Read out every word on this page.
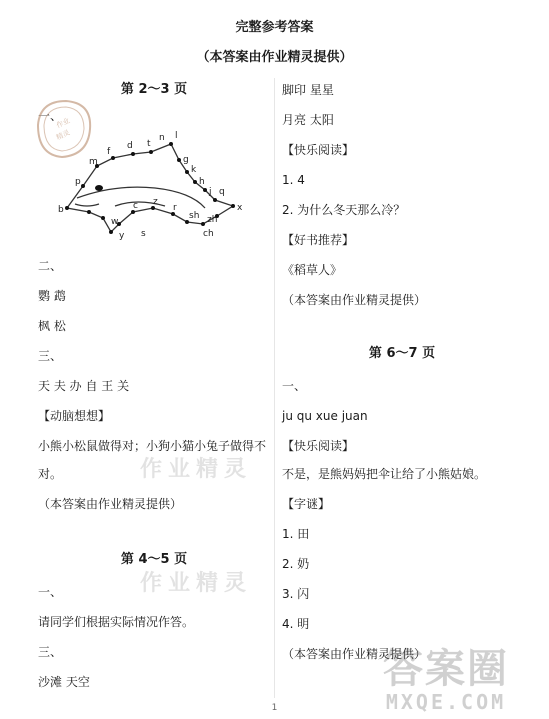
完整参考答案
（本答案由作业精灵提供）
第 2～3 页
一、
作业
精灵
b
p
m
f
d t
n l
g
k
h
j
x
q
zh
ch
sh
r
z
c
s
y
w
二、
鹦 鹉
枫 松
三、
天 夫 办 自 王 关
【动脑想想】
小熊小松鼠做得对；小狗小猫小兔子做得不
对。
（本答案由作业精灵提供）
作业精灵
第 4～5 页
作业精灵
一、
请同学们根据实际情况作答。
三、
沙滩 天空
脚印 星星
月亮 太阳
【快乐阅读】
1. 4
2. 为什么冬天那么冷？
【好书推荐】
《稻草人》
（本答案由作业精灵提供）
第 6～7 页
一、
ju qu xue juan
【快乐阅读】
不是，是熊妈妈把伞让给了小熊姑娘。
【字谜】
1. 田
2. 奶
3. 闪
4. 明
（本答案由作业精灵提供）
答案圈
MXQE.COM
1
